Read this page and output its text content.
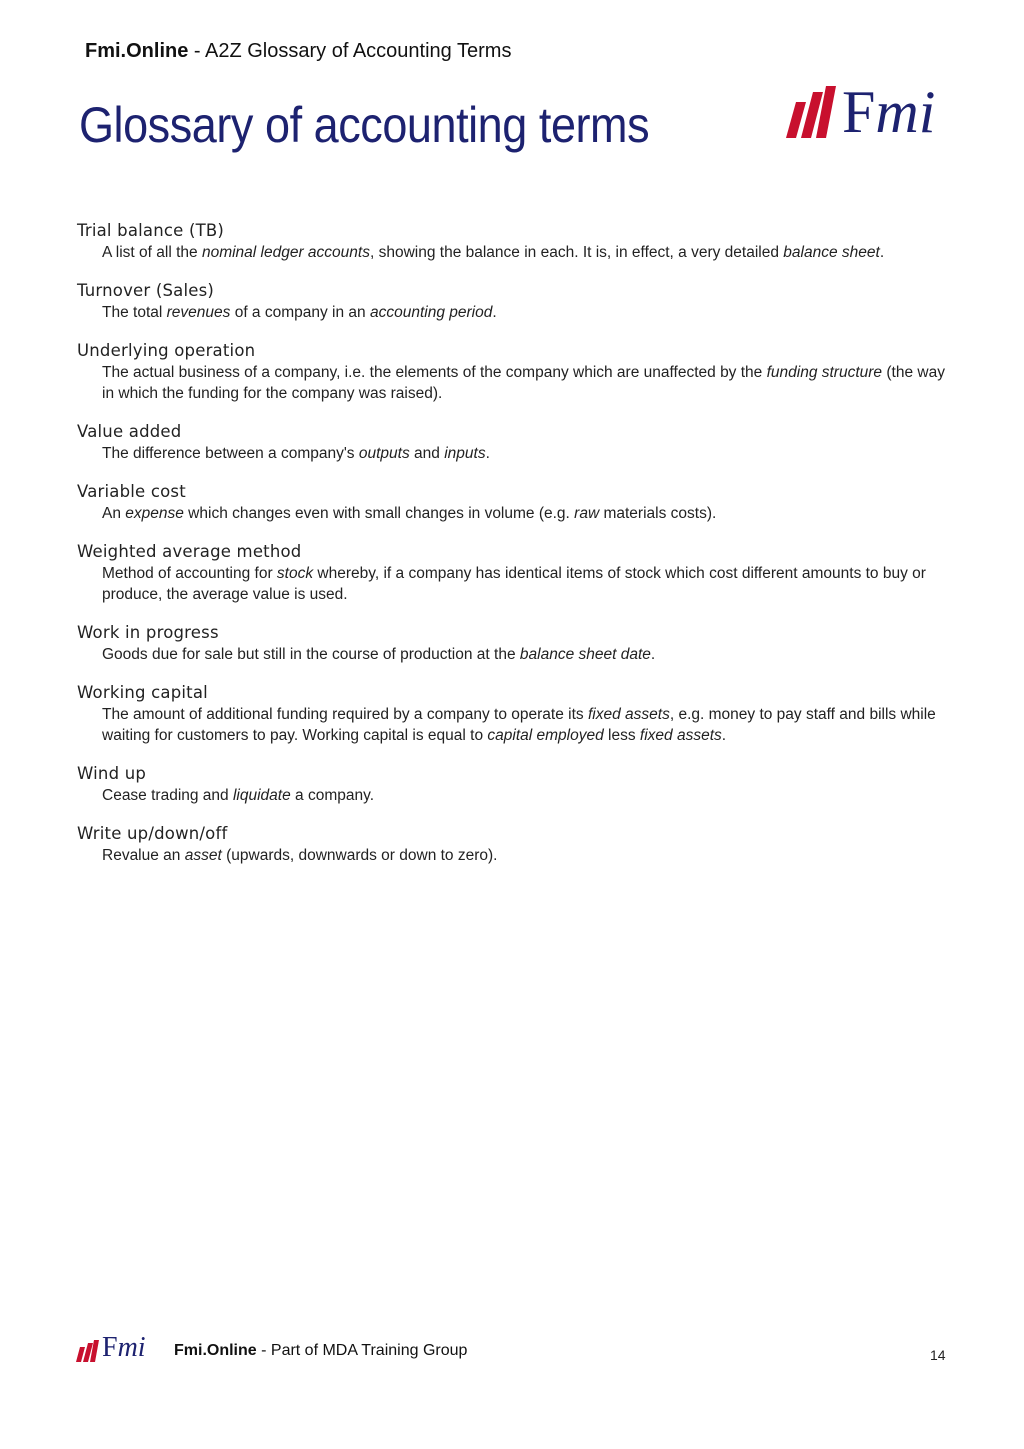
Fmi.Online - A2Z Glossary of Accounting Terms
Glossary of accounting terms	Fmi
Trial balance (TB)
A list of all the nominal ledger accounts, showing the balance in each. It is, in effect, a very detailed balance sheet.
Turnover (Sales)
The total revenues of a company in an accounting period.
Underlying operation
The actual business of a company, i.e. the elements of the company which are unaffected by the funding structure (the way in which the funding for the company was raised).
Value added
The difference between a company's outputs and inputs.
Variable cost
An expense which changes even with small changes in volume (e.g. raw materials costs).
Weighted average method
Method of accounting for stock whereby, if a company has identical items of stock which cost different amounts to buy or produce, the average value is used.
Work in progress
Goods due for sale but still in the course of production at the balance sheet date.
Working capital
The amount of additional funding required by a company to operate its fixed assets, e.g. money to pay staff and bills while waiting for customers to pay. Working capital is equal to capital employed less fixed assets.
Wind up
Cease trading and liquidate a company.
Write up/down/off
Revalue an asset (upwards, downwards or down to zero).
Fmi Fmi.Online - Part of MDA Training Group	14
